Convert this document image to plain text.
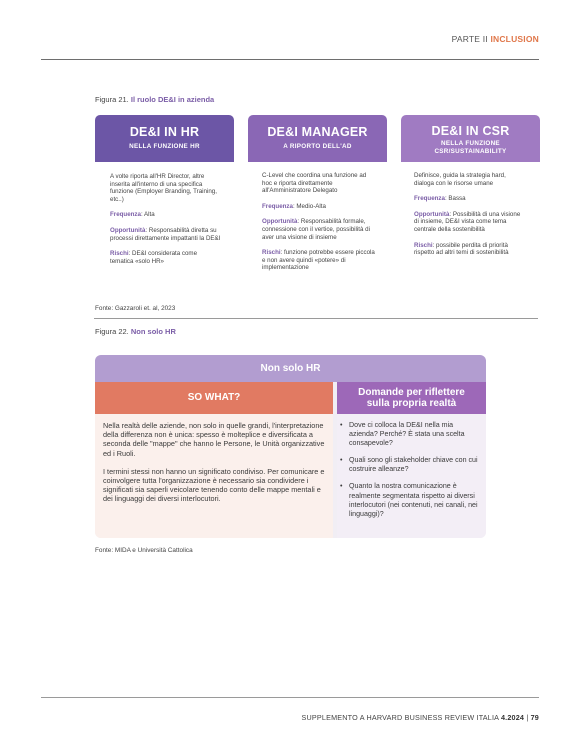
PARTE II INCLUSION
Figura 21. Il ruolo DE&I in azienda
DE&I IN HR
NELLA FUNZIONE HR

A volte riporta all'HR Director, altre inserita all'interno di una specifica funzione (Employer Branding, Training, etc..)

Frequenza: Alta

Opportunità: Responsabilità diretta su processi direttamente impattanti la DE&I

Rischi: DE&I considerata come tematica «solo HR»

DE&I MANAGER
A RIPORTO DELL'AD

C-Level che coordina una funzione ad hoc e riporta direttamente all'Amministratore Delegato

Frequenza: Medio-Alta

Opportunità: Responsabilità formale, connessione con il vertice, possibilità di aver una visione di insieme

Rischi: funzione potrebbe essere piccola e non avere quindi «potere» di implementazione

DE&I IN CSR
NELLA FUNZIONE
CSR/SUSTAINABILITY

Definisce, guida la strategia hard, dialoga con le risorse umane

Frequenza: Bassa

Opportunità: Possibilità di una visione di insieme, DE&I vista come tema centrale della sostenibilità

Rischi: possibile perdita di priorità rispetto ad altri temi di sostenibilità

Fonte: Gazzaroli et. al, 2023
Figura 22. Non solo HR
Non solo HR
SO WHAT?	Domande per riflettere
sulla propria realtà

Nella realtà delle aziende, non solo in quelle grandi, l'interpretazione della differenza non è unica: spesso è molteplice e diversificata a seconda delle "mappe" che hanno le Persone, le Unità organizzative ed i Ruoli.

I termini stessi non hanno un significato condiviso. Per comunicare e coinvolgere tutta l'organizzazione è necessario sia condividere i significati sia saperli veicolare tenendo conto delle mappe mentali e dei linguaggi dei diversi interlocutori.

• Dove ci colloca la DE&I nella mia azienda? Perché? È stata una scelta consapevole?
• Quali sono gli stakeholder chiave con cui costruire alleanze?
• Quanto la nostra comunicazione è realmente segmentata rispetto ai diversi interlocutori (nei contenuti, nei canali, nei linguaggi)?
Fonte: MIDA e Università Cattolica
SUPPLEMENTO A HARVARD BUSINESS REVIEW ITALIA 4.2024 | 79
